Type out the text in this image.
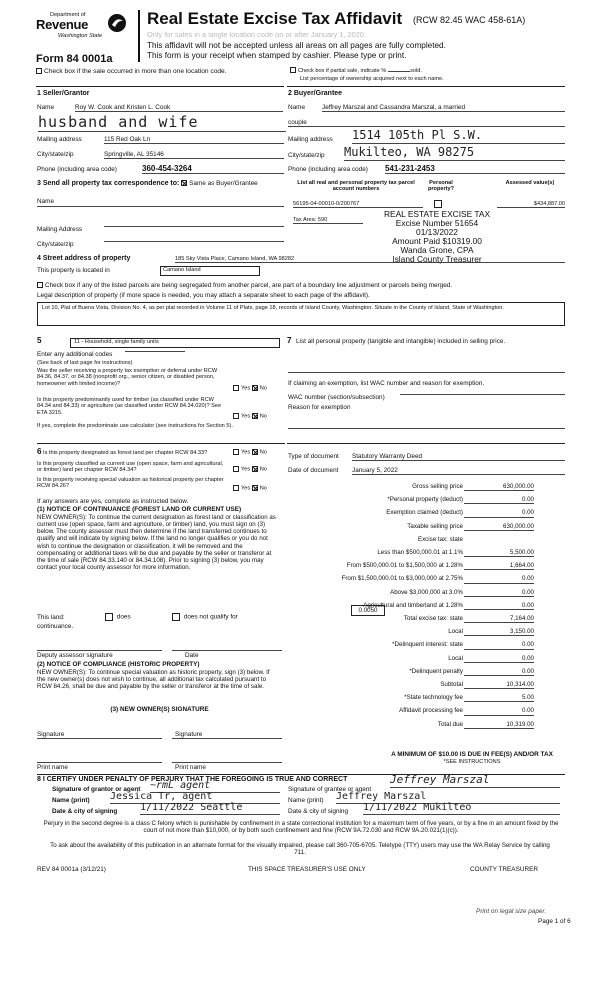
Department of
Revenue
Washington State
Form 84 0001a
Real Estate Excise Tax Affidavit (RCW 82.45 WAC 458-61A)
Only for sales in a single location code on or after January 1, 2020.
This affidavit will not be accepted unless all areas on all pages are fully completed.
This form is your receipt when stamped by cashier. Please type or print.
Check box if the sale occurred in more than one location code.	Check box if partial sale, indicate %	sold.
List percentage of ownership acquired next to each name.
1 Seller/Grantor
Name	Roy W. Cook and Kristen L. Cook
husband and wife
Mailing address	115 Red Oak Ln
City/state/zip	Springville, AL 35146
Phone (including area code)	360-454-3264
2 Buyer/Grantee
Name	Jeffrey Marszal and Cassandra Marszal, a married
couple
Mailing address 1514 105th Pl S.W.
City/state/zip Mukilteo, WA 98275
Phone (including area code) 541-231-2453
3 Send all property tax correspondence to: Same as Buyer/Grantee
Name
Mailing Address
City/state/zip
List all real and personal property tax parcel account numbers
Personal property?
Assessed value(s)
56195-04-00010-0/200767	$434,887.00
Tax Area: 590
REAL ESTATE EXCISE TAX
Excise Number 51654
01/13/2022
Amount Paid $10319.00
Wanda Grone, CPA
Island County Treasurer
4 Street address of property	185 Sky Vista Place, Camano Island, WA 98282
This property is located in	Camano Island
Check box if any of the listed parcels are being segregated from another parcel, are part of a boundary line adjustment or parcels being merged.
Legal description of property (if more space is needed, you may attach a separate sheet to each page of the affidavit).
Lot 10, Plat of Buena Vista, Division No. 4, as per plat recorded in Volume 11 of Plats, page 18, records of Island County, Washington. Situate in the County of Island, State of Washington.
5	11 - Household, single family units
Enter any additional codes
(See back of last page for instructions)
Was the seller receiving a property tax exemption or deferral under RCW 84.36, 84.37, or 84.38 (nonprofit org., senior citizen, or disabled person, homeowner with limited income)?
Yes No
Is this property predominantly used for timber (as classified under RCW 84.34 and 84.33) or agriculture (as classified under RCW 84.34.020)? See ETA 3215.
Yes No
If yes, complete the predominate use calculator (see instructions for Section 5).
7 List all personal property (tangible and intangible) included in selling price.
If claiming an exemption, list WAC number and reason for exemption.
WAC number (section/subsection)
Reason for exemption
6 Is this property designated as forest land per chapter RCW 84.33?	Yes No
Is this property classified as current use (open space, farm and agricultural, or timber) land per chapter RCW 84.34?	Yes No
Is this property receiving special valuation as historical property per chapter RCW 84.26?	Yes No
If any answers are yes, complete as instructed below.
(1) NOTICE OF CONTINUANCE (FOREST LAND OR CURRENT USE)
NEW OWNER(S): To continue the current designation as forest land or classification as current use (open space, farm and agriculture, or timber) land, you must sign on (3) below. The county assessor must then determine if the land transferred continues to qualify and will indicate by signing below. If the land no longer qualifies or you do not wish to continue the designation or classification, it will be removed and the compensating or additional taxes will be due and payable by the seller or transferor at the time of sale (RCW 84.33.140 or 84.34.108). Prior to signing (3) below, you may contact your local county assessor for more information.
This land:	does	does not qualify for
continuance.
Deputy assessor signature	Date
(2) NOTICE OF COMPLIANCE (HISTORIC PROPERTY)
NEW OWNER(S): To continue special valuation as historic property, sign (3) below. If the new owner(s) does not wish to continue, all additional tax calculated pursuant to RCW 84.26, shall be due and payable by the seller or transferor at the time of sale.
(3) NEW OWNER(S) SIGNATURE
Signature	Signature
Print name	Print name
Type of document Statutory Warranty Deed
Date of document January 5, 2022
Gross selling price	630,000.00
*Personal property (deduct)	0.00
Exemption claimed (deduct)	0.00
Taxable selling price	630,000.00
Excise tax: state
Less than $500,000.01 at 1.1%	5,500.00
From $500,000.01 to $1,500,000 at 1.28%	1,664.00
From $1,500,000.01 to $3,000,000 at 2.75%	0.00
Above $3,000,000 at 3.0%	0.00
Agricultural and timberland at 1.28%	0.00
Total excise tax: state	7,164.00
Local	3,150.00
*Delinquent interest: state	0.00
Local	0.00
*Delinquent penalty	0.00
Subtotal	10,314.00
*State technology fee	5.00
Affidavit processing fee	0.00
Total due	10,319.00
0.0050
A MINIMUM OF $10.00 IS DUE IN FEE(S) AND/OR TAX
*SEE INSTRUCTIONS
8 I CERTIFY UNDER PENALTY OF PERJURY THAT THE FOREGOING IS TRUE AND CORRECT
Signature of grantor or agent ~rmL agent
Name (print) Jessica Tr, agent
Date & city of signing 1/11/2022 Seattle
Signature of grantee or agent
Jeffrey Marszal
Name (print) Jeffrey Marszal
Date & city of signing 1/11/2022 Mukilteo
Perjury in the second degree is a class C felony which is punishable by confinement in a state correctional institution for a maximum term of five years, or by a fine in an amount fixed by the court of not more than $10,000, or by both such confinement and fine (RCW 9A.72.030 and RCW 9A.20.021(1)(c)).
To ask about the availability of this publication in an alternate format for the visually impaired, please call 360-705-6705. Teletype (TTY) users may use the WA Relay Service by calling 711.
REV 84 0001a (3/12/21)	THIS SPACE TREASURER'S USE ONLY	COUNTY TREASURER
Print on legal size paper.
Page 1 of 6
